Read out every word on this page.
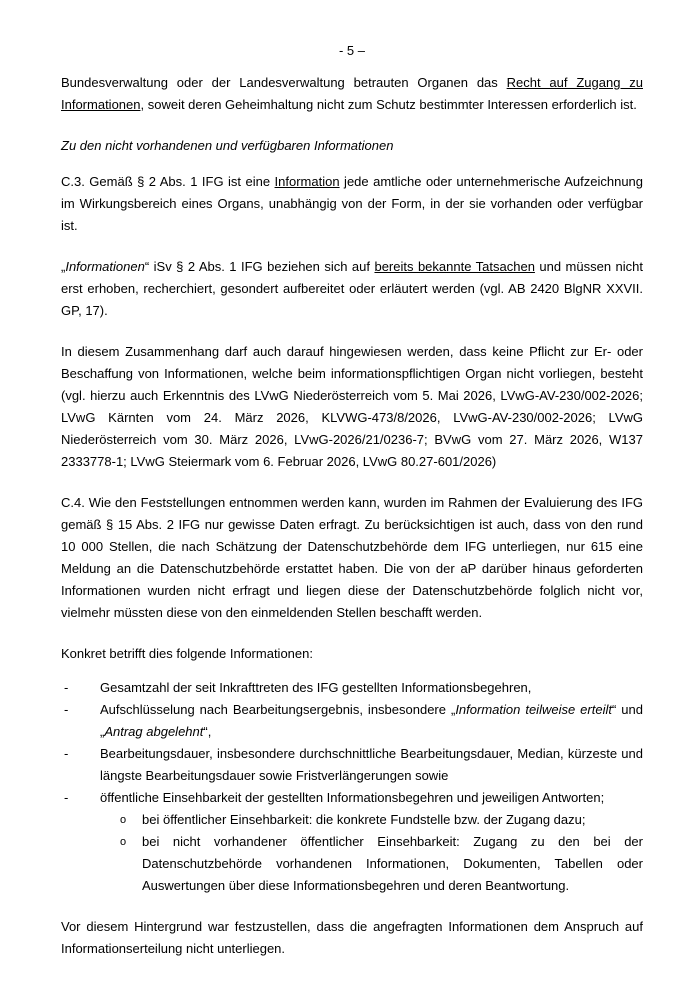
- 5 –

Bundesverwaltung oder der Landesverwaltung betrauten Organen das Recht auf Zugang zu Informationen, soweit deren Geheimhaltung nicht zum Schutz bestimmter Interessen erforderlich ist.

Zu den nicht vorhandenen und verfügbaren Informationen

C.3. Gemäß § 2 Abs. 1 IFG ist eine Information jede amtliche oder unternehmerische Aufzeichnung im Wirkungsbereich eines Organs, unabhängig von der Form, in der sie vorhanden oder verfügbar ist.

„Informationen“ iSv § 2 Abs. 1 IFG beziehen sich auf bereits bekannte Tatsachen und müssen nicht erst erhoben, recherchiert, gesondert aufbereitet oder erläutert werden (vgl. AB 2420 BlgNR XXVII. GP, 17).

In diesem Zusammenhang darf auch darauf hingewiesen werden, dass keine Pflicht zur Er- oder Beschaffung von Informationen, welche beim informationspflichtigen Organ nicht vorliegen, besteht (vgl. hierzu auch Erkenntnis des LVwG Niederösterreich vom 5. Mai 2026, LVwG-AV-230/002-2026; LVwG Kärnten vom 24. März 2026, KLVWG-473/8/2026, LVwG-AV-230/002-2026; LVwG Niederösterreich vom 30. März 2026, LVwG-2026/21/0236-7; BVwG vom 27. März 2026, W137 2333778-1; LVwG Steiermark vom 6. Februar 2026, LVwG 80.27-601/2026)

C.4. Wie den Feststellungen entnommen werden kann, wurden im Rahmen der Evaluierung des IFG gemäß § 15 Abs. 2 IFG nur gewisse Daten erfragt. Zu berücksichtigen ist auch, dass von den rund 10 000 Stellen, die nach Schätzung der Datenschutzbehörde dem IFG unterliegen, nur 615 eine Meldung an die Datenschutzbehörde erstattet haben. Die von der aP darüber hinaus geforderten Informationen wurden nicht erfragt und liegen diese der Datenschutzbehörde folglich nicht vor, vielmehr müssten diese von den einmeldenden Stellen beschafft werden.

Konkret betrifft dies folgende Informationen:

- Gesamtzahl der seit Inkrafttreten des IFG gestellten Informationsbegehren,
- Aufschlüsselung nach Bearbeitungsergebnis, insbesondere „Information teilweise erteilt“ und „Antrag abgelehnt“,
- Bearbeitungsdauer, insbesondere durchschnittliche Bearbeitungsdauer, Median, kürzeste und längste Bearbeitungsdauer sowie Fristverlängerungen sowie
- öffentliche Einsehbarkeit der gestellten Informationsbegehren und jeweiligen Antworten;
o bei öffentlicher Einsehbarkeit: die konkrete Fundstelle bzw. der Zugang dazu;
o bei nicht vorhandener öffentlicher Einsehbarkeit: Zugang zu den bei der Datenschutzbehörde vorhandenen Informationen, Dokumenten, Tabellen oder Auswertungen über diese Informationsbegehren und deren Beantwortung.

Vor diesem Hintergrund war festzustellen, dass die angefragten Informationen dem Anspruch auf Informationserteilung nicht unterliegen.
